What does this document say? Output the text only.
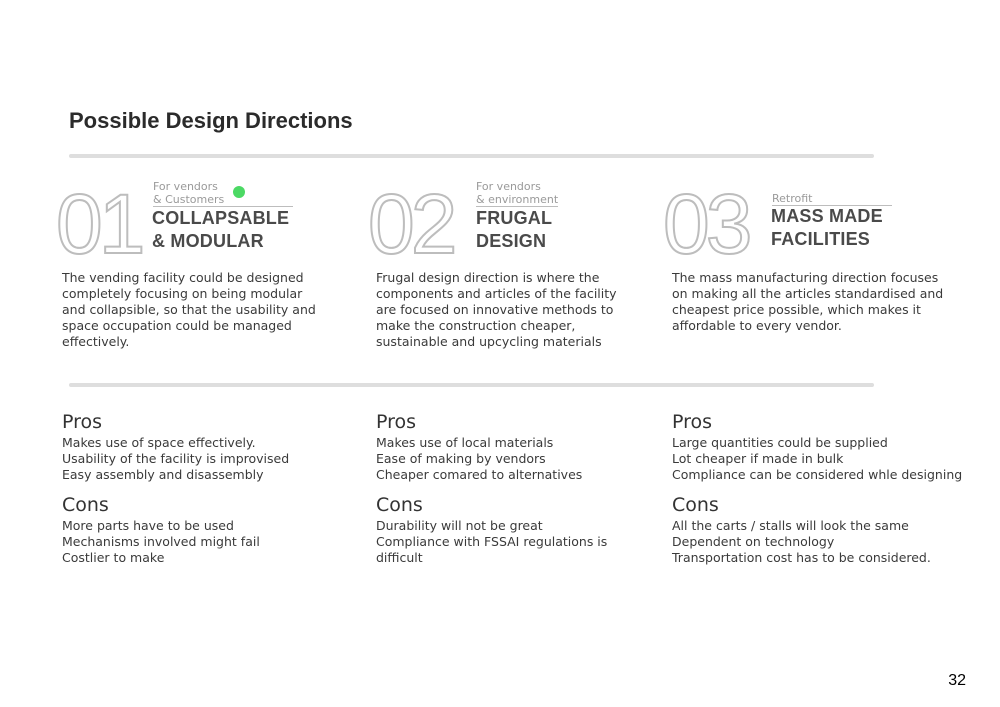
Possible Design Directions
01 For vendors
& Customers
COLLAPSABLE
& MODULAR
The vending facility could be designed
completely focusing on being modular
and collapsible, so that the usability and
space occupation could be managed
effectively.
02 For vendors
& environment
FRUGAL
DESIGN
Frugal design direction is where the
components and articles of the facility
are focused on innovative methods to
make the construction cheaper,
sustainable and upcycling materials
03 Retrofit
MASS MADE
FACILITIES
The mass manufacturing direction focuses
on making all the articles standardised and
cheapest price possible, which makes it
affordable to every vendor.
Pros
Makes use of space effectively.
Usability of the facility is improvised
Easy assembly and disassembly
Cons
More parts have to be used
Mechanisms involved might fail
Costlier to make
Pros
Makes use of local materials
Ease of making by vendors
Cheaper comared to alternatives
Cons
Durability will not be great
Compliance with FSSAI regulations is
difficult
Pros
Large quantities could be supplied
Lot cheaper if made in bulk
Compliance can be considered whle designing
Cons
All the carts / stalls will look the same
Dependent on technology
Transportation cost has to be considered.
32
